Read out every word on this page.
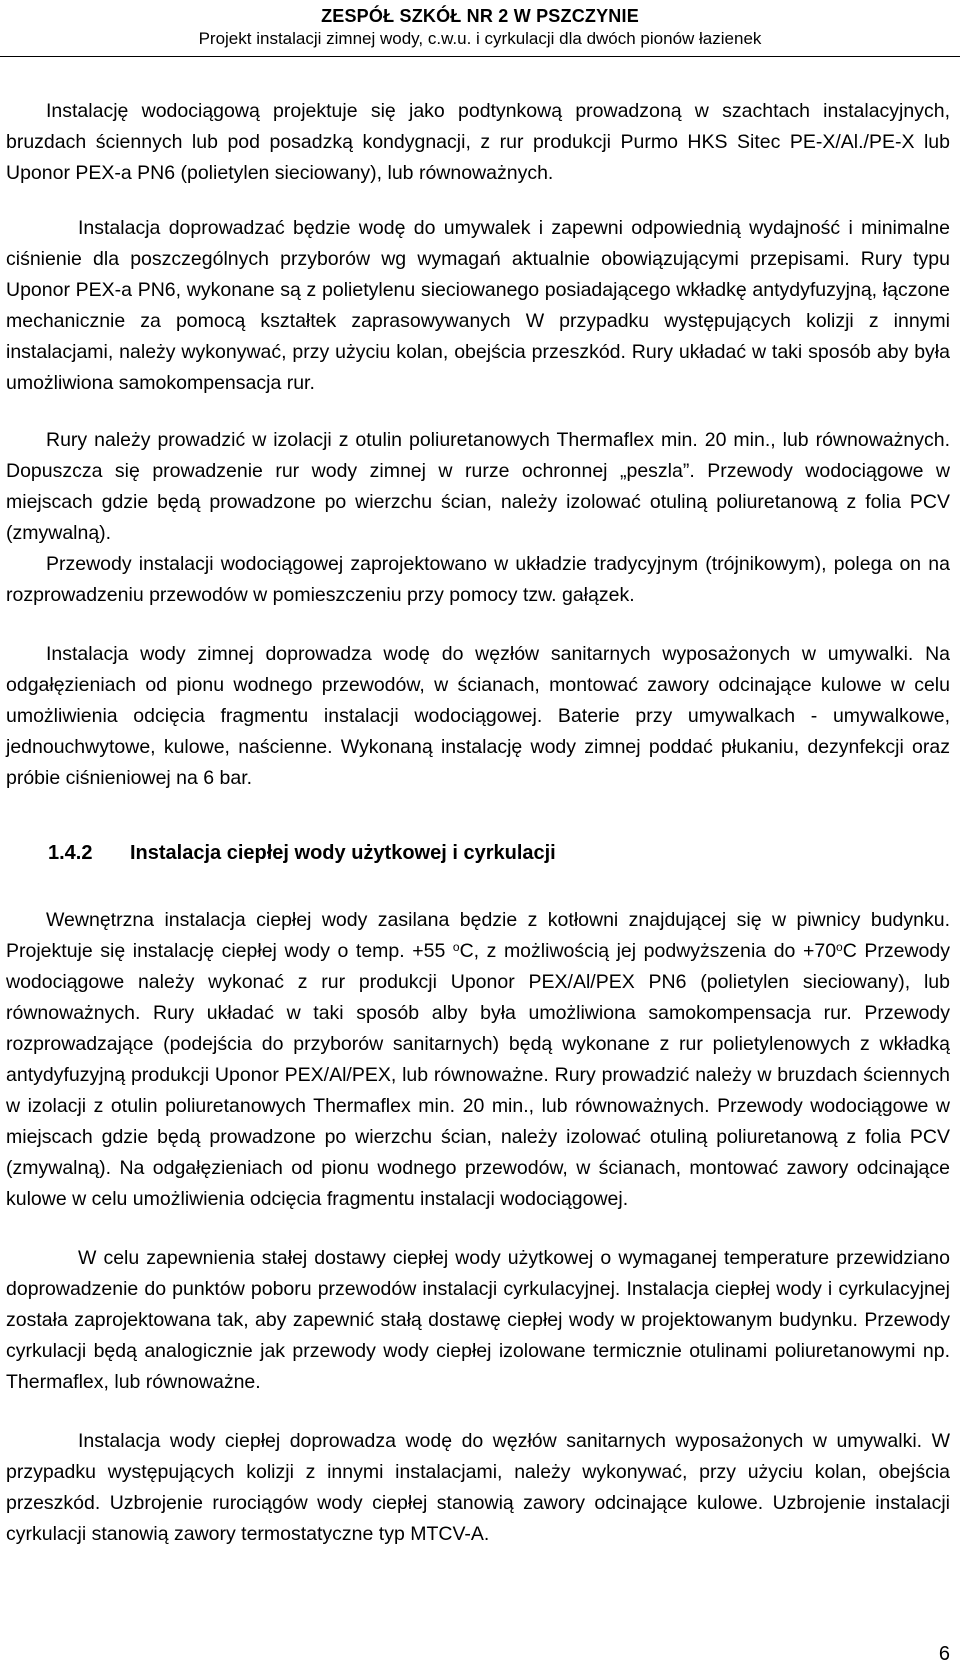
ZESPÓŁ SZKÓŁ NR 2 W PSZCZYNIE
Projekt instalacji zimnej wody, c.w.u. i cyrkulacji dla dwóch pionów łazienek

Instalację wodociągową projektuje się jako podtynkową prowadzoną w szachtach instalacyjnych, bruzdach ściennych lub pod posadzką kondygnacji, z rur produkcji Purmo HKS Sitec PE-X/Al./PE-X lub Uponor PEX-a PN6 (polietylen sieciowany), lub równoważnych.

Instalacja doprowadzać będzie wodę do umywalek i zapewni odpowiednią wydajność i minimalne ciśnienie dla poszczególnych przyborów wg wymagań aktualnie obowiązującymi przepisami. Rury typu Uponor PEX-a PN6, wykonane są z polietylenu sieciowanego posiadającego wkładkę antydyfuzyjną, łączone mechanicznie za pomocą kształtek zaprasowywanych W przypadku występujących kolizji z innymi instalacjami, należy wykonywać, przy użyciu kolan, obejścia przeszkód. Rury układać w taki sposób aby była umożliwiona samokompensacja rur.

Rury należy prowadzić w izolacji z otulin poliuretanowych Thermaflex min. 20 min., lub równoważnych. Dopuszcza się prowadzenie rur wody zimnej w rurze ochronnej „peszla”. Przewody wodociągowe w miejscach gdzie będą prowadzone po wierzchu ścian, należy izolować otuliną poliuretanową z folia PCV (zmywalną).

Przewody instalacji wodociągowej zaprojektowano w układzie tradycyjnym (trójnikowym), polega on na rozprowadzeniu przewodów w pomieszczeniu przy pomocy tzw. gałązek.

Instalacja wody zimnej doprowadza wodę do węzłów sanitarnych wyposażonych w umywalki. Na odgałęzieniach od pionu wodnego przewodów, w ścianach, montować zawory odcinające kulowe w celu umożliwienia odcięcia fragmentu instalacji wodociągowej. Baterie przy umywalkach - umywalkowe, jednouchwytowe, kulowe, naścienne. Wykonaną instalację wody zimnej poddać płukaniu, dezynfekcji oraz próbie ciśnieniowej na 6 bar.

1.4.2 Instalacja ciepłej wody użytkowej i cyrkulacji

Wewnętrzna instalacja ciepłej wody zasilana będzie z kotłowni znajdującej się w piwnicy budynku. Projektuje się instalację ciepłej wody o temp. +55 $^o$C, z możliwością jej podwyższenia do $+70^oC$ Przewody wodociągowe należy wykonać z rur produkcji Uponor PEX/Al/PEX PN6 (polietylen sieciowany), lub równoważnych. Rury układać w taki sposób alby była umożliwiona samokompensacja rur. Przewody rozprowadzające (podejścia do przyborów sanitarnych) będą wykonane z rur polietylenowych z wkładką antydyfuzyjną produkcji Uponor PEX/Al/PEX, lub równoważne. Rury prowadzić należy w bruzdach ściennych w izolacji z otulin poliuretanowych Thermaflex min. 20 min., lub równoważnych. Przewody wodociągowe w miejscach gdzie będą prowadzone po wierzchu ścian, należy izolować otuliną poliuretanową z folia PCV (zmywalną). Na odgałęzieniach od pionu wodnego przewodów, w ścianach, montować zawory odcinające kulowe w celu umożliwienia odcięcia fragmentu instalacji wodociągowej.

W celu zapewnienia stałej dostawy ciepłej wody użytkowej o wymaganej temperature przewidziano doprowadzenie do punktów poboru przewodów instalacji cyrkulacyjnej. Instalacja ciepłej wody i cyrkulacyjnej została zaprojektowana tak, aby zapewnić stałą dostawę ciepłej wody w projektowanym budynku. Przewody cyrkulacji będą analogicznie jak przewody wody ciepłej izolowane termicznie otulinami poliuretanowymi np. Thermaflex, lub równoważne.

Instalacja wody ciepłej doprowadza wodę do węzłów sanitarnych wyposażonych w umywalki. W przypadku występujących kolizji z innymi instalacjami, należy wykonywać, przy użyciu kolan, obejścia przeszkód. Uzbrojenie rurociągów wody ciepłej stanowią zawory odcinające kulowe. Uzbrojenie instalacji cyrkulacji stanowią zawory termostatyczne typ MTCV-A.

6
